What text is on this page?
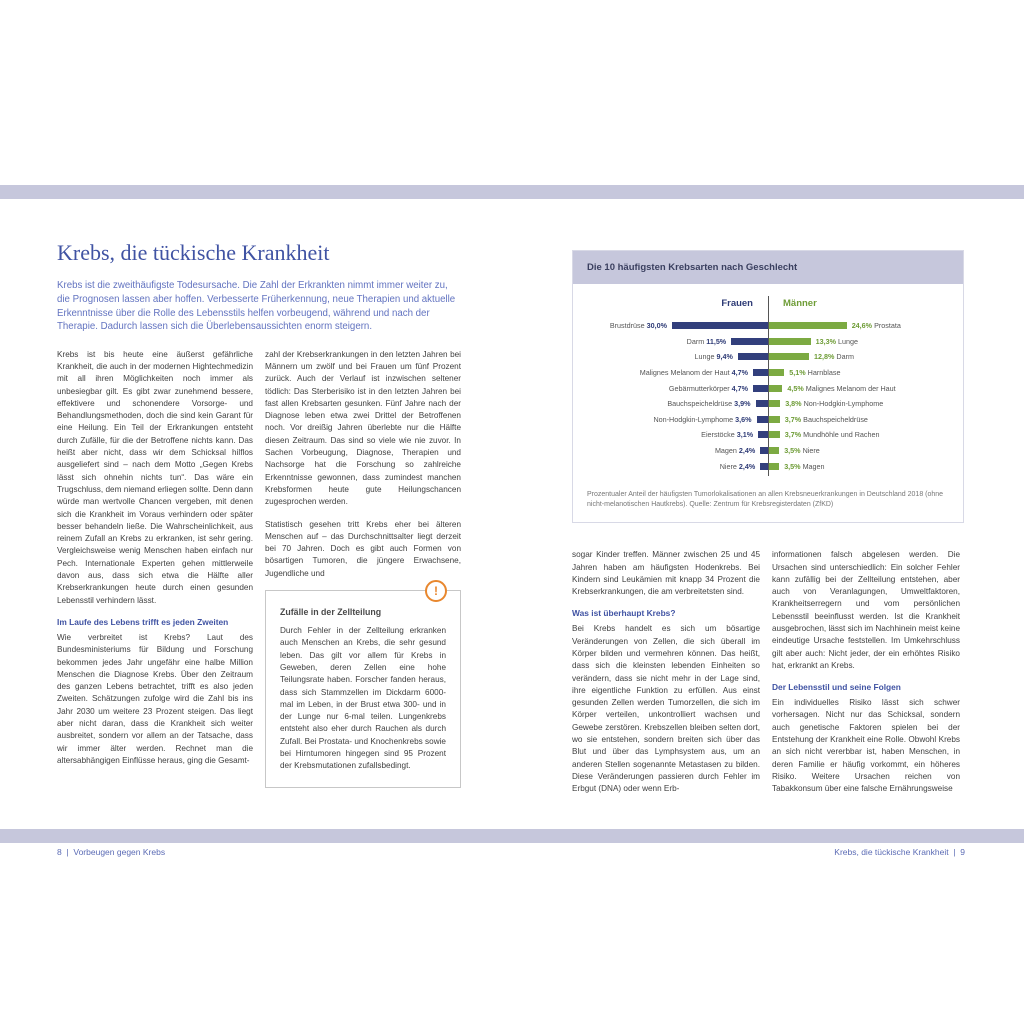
Krebs, die tückische Krankheit

Krebs ist die zweithäufigste Todesursache. Die Zahl der Erkrankten nimmt immer weiter zu, die Prognosen lassen aber hoffen. Verbesserte Früherkennung, neue Therapien und aktuelle Erkenntnisse über die Rolle des Lebensstils helfen vorbeugend, während und nach der Therapie. Dadurch lassen sich die Überlebensaussichten enorm steigern.

Krebs ist bis heute eine äußerst gefährliche Krankheit, die auch in der modernen Hightechmedizin mit all ihren Möglichkeiten noch immer als unbesiegbar gilt. Es gibt zwar zunehmend bessere, effektivere und schonendere Vorsorge- und Behandlungsmethoden, doch die sind kein Garant für eine Heilung. Ein Teil der Erkrankungen entsteht durch Zufälle, für die der Betroffene nichts kann. Das heißt aber nicht, dass wir dem Schicksal hilflos ausgeliefert sind – nach dem Motto „Gegen Krebs lässt sich ohnehin nichts tun“. Das wäre ein Trugschluss, dem niemand erliegen sollte. Denn dann würde man wertvolle Chancen vergeben, mit denen sich die Krankheit im Voraus verhindern oder später besser behandeln ließe. Die Wahrscheinlichkeit, aus reinem Zufall an Krebs zu erkranken, ist sehr gering. Vergleichsweise wenig Menschen haben einfach nur Pech. Internationale Experten gehen mittlerweile davon aus, dass sich etwa die Hälfte aller Krebserkrankungen heute durch einen gesunden Lebensstil verhindern lässt.

Im Laufe des Lebens trifft es jeden Zweiten

Wie verbreitet ist Krebs? Laut des Bundesministeriums für Bildung und Forschung bekommen jedes Jahr ungefähr eine halbe Million Menschen die Diagnose Krebs. Über den Zeitraum des ganzen Lebens betrachtet, trifft es also jeden Zweiten. Schätzungen zufolge wird die Zahl bis ins Jahr 2030 um weitere 23 Prozent steigen. Das liegt aber nicht daran, dass die Krankheit sich weiter ausbreitet, sondern vor allem an der Tatsache, dass wir immer älter werden. Rechnet man die altersabhängigen Einflüsse heraus, ging die Gesamt-

zahl der Krebserkrankungen in den letzten Jahren bei Männern um zwölf und bei Frauen um fünf Prozent zurück. Auch der Verlauf ist inzwischen seltener tödlich: Das Sterberisiko ist in den letzten Jahren bei fast allen Krebsarten gesunken. Fünf Jahre nach der Diagnose leben etwa zwei Drittel der Betroffenen noch. Vor dreißig Jahren überlebte nur die Hälfte diesen Zeitraum. Das sind so viele wie nie zuvor. In Sachen Vorbeugung, Diagnose, Therapien und Nachsorge hat die Forschung so zahlreiche Erkenntnisse gewonnen, dass zumindest manchen Krebsformen heute gute Heilungschancen zugesprochen werden.

Statistisch gesehen tritt Krebs eher bei älteren Menschen auf – das Durchschnittsalter liegt derzeit bei 70 Jahren. Doch es gibt auch Formen von bösartigen Tumoren, die jüngere Erwachsene, Jugendliche und

!
Zufälle in der Zellteilung

Durch Fehler in der Zellteilung erkranken auch Menschen an Krebs, die sehr gesund leben. Das gilt vor allem für Krebs in Geweben, deren Zellen eine hohe Teilungsrate haben. Forscher fanden heraus, dass sich Stammzellen im Dickdarm 6000-mal im Leben, in der Brust etwa 300- und in der Lunge nur 6-mal teilen. Lungenkrebs entsteht also eher durch Rauchen als durch Zufall. Bei Prostata- und Knochenkrebs sowie bei Hirntumoren hingegen sind 95 Prozent der Krebsmutationen zufallsbedingt.

Die 10 häufigsten Krebsarten nach Geschlecht
Frauen	Männer
Brustdrüse 30,0%	24,6% Prostata
Darm 11,5%	13,3% Lunge
Lunge 9,4%	12,8% Darm
Malignes Melanom der Haut 4,7%	5,1% Harnblase
Gebärmutterkörper 4,7%	4,5% Malignes Melanom der Haut
Bauchspeicheldrüse 3,9%	3,8% Non-Hodgkin-Lymphome
Non-Hodgkin-Lymphome 3,6%	3,7% Bauchspeicheldrüse
Eierstöcke 3,1%	3,7% Mundhöhle und Rachen
Magen 2,4%	3,5% Niere
Niere 2,4%	3,5% Magen
Prozentualer Anteil der häufigsten Tumorlokalisationen an allen Krebsneuerkrankungen in Deutschland 2018 (ohne nicht-melanotischen Hautkrebs). Quelle: Zentrum für Krebsregisterdaten (ZfKD)

sogar Kinder treffen. Männer zwischen 25 und 45 Jahren haben am häufigsten Hodenkrebs. Bei Kindern sind Leukämien mit knapp 34 Prozent die Krebserkrankungen, die am verbreitetsten sind.

Was ist überhaupt Krebs?

Bei Krebs handelt es sich um bösartige Veränderungen von Zellen, die sich überall im Körper bilden und vermehren können. Das heißt, dass sich die kleinsten lebenden Einheiten so verändern, dass sie nicht mehr in der Lage sind, ihre eigentliche Funktion zu erfüllen. Aus einst gesunden Zellen werden Tumorzellen, die sich im Körper verteilen, unkontrolliert wachsen und Gewebe zerstören. Krebszellen bleiben selten dort, wo sie entstehen, sondern breiten sich über das Blut und über das Lymphsystem aus, um an anderen Stellen sogenannte Metastasen zu bilden. Diese Veränderungen passieren durch Fehler im Erbgut (DNA) oder wenn Erb-

informationen falsch abgelesen werden. Die Ursachen sind unterschiedlich: Ein solcher Fehler kann zufällig bei der Zellteilung entstehen, aber auch von Veranlagungen, Umweltfaktoren, Krankheitserregern und vom persönlichen Lebensstil beeinflusst werden. Ist die Krankheit ausgebrochen, lässt sich im Nachhinein meist keine eindeutige Ursache feststellen. Im Umkehrschluss gilt aber auch: Nicht jeder, der ein erhöhtes Risiko hat, erkrankt an Krebs.

Der Lebensstil und seine Folgen

Ein individuelles Risiko lässt sich schwer vorhersagen. Nicht nur das Schicksal, sondern auch genetische Faktoren spielen bei der Entstehung der Krankheit eine Rolle. Obwohl Krebs an sich nicht vererbbar ist, haben Menschen, in deren Familie er häufig vorkommt, ein höheres Risiko. Weitere Ursachen reichen von Tabakkonsum über eine falsche Ernährungsweise

8  |  Vorbeugen gegen Krebs	Krebs, die tückische Krankheit  |  9
